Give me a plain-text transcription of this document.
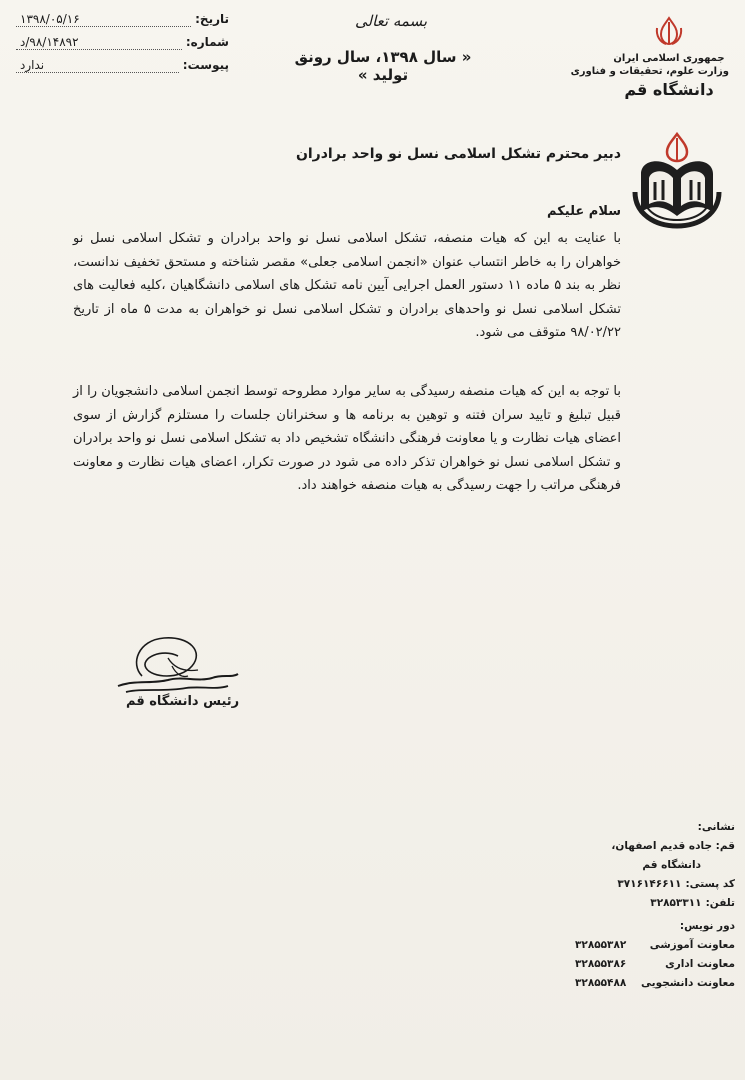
تاریخ:
۱۳۹۸/۰۵/۱۶
شماره:
۹۸/۱۴۸۹۲/د
پیوست:
ندارد
بسمه تعالی
« سال ۱۳۹۸، سال رونق تولید »
جمهوری اسلامی ایران
وزارت علوم، تحقیقات و فناوری
دانشگاه قم
دبیر محترم تشکل اسلامی نسل نو واحد برادران
سلام علیکم
با عنایت به این که هیات منصفه، تشکل اسلامی نسل نو واحد برادران و تشکل اسلامی نسل نو خواهران را به خاطر انتساب عنوان «انجمن اسلامی جعلی» مقصر شناخته و مستحق تخفیف ندانست، نظر به بند ۵ ماده ۱۱ دستور العمل اجرایی آیین نامه تشکل های اسلامی دانشگاهیان ،کلیه فعالیت های تشکل اسلامی نسل نو واحدهای برادران و تشکل اسلامی نسل نو خواهران به مدت ۵ ماه از تاریخ ۹۸/۰۲/۲۲ متوقف می شود.
با توجه به این که هیات منصفه رسیدگی به سایر موارد مطروحه توسط انجمن اسلامی دانشجویان را از قبیل تبلیغ و تایید سران فتنه و توهین به برنامه ها و سخنرانان جلسات را مستلزم گزارش از سوی اعضای هیات نظارت و یا معاونت فرهنگی دانشگاه تشخیص داد به تشکل اسلامی نسل نو واحد برادران و تشکل اسلامی نسل نو خواهران تذکر داده می شود در صورت تکرار، اعضای هیات نظارت و معاونت فرهنگی مراتب را جهت رسیدگی به هیات منصفه خواهند داد.
رئیس دانشگاه قم
نشانی:
قم: جاده قدیم اصفهان،
دانشگاه قم
کد پستی:
۳۷۱۶۱۴۶۶۱۱
تلفن:
۳۲۸۵۳۳۱۱
دور نویس:
معاونت آموزشی
۳۲۸۵۵۳۸۲
معاونت اداری
۳۲۸۵۵۳۸۶
معاونت دانشجویی
۳۲۸۵۵۴۸۸
